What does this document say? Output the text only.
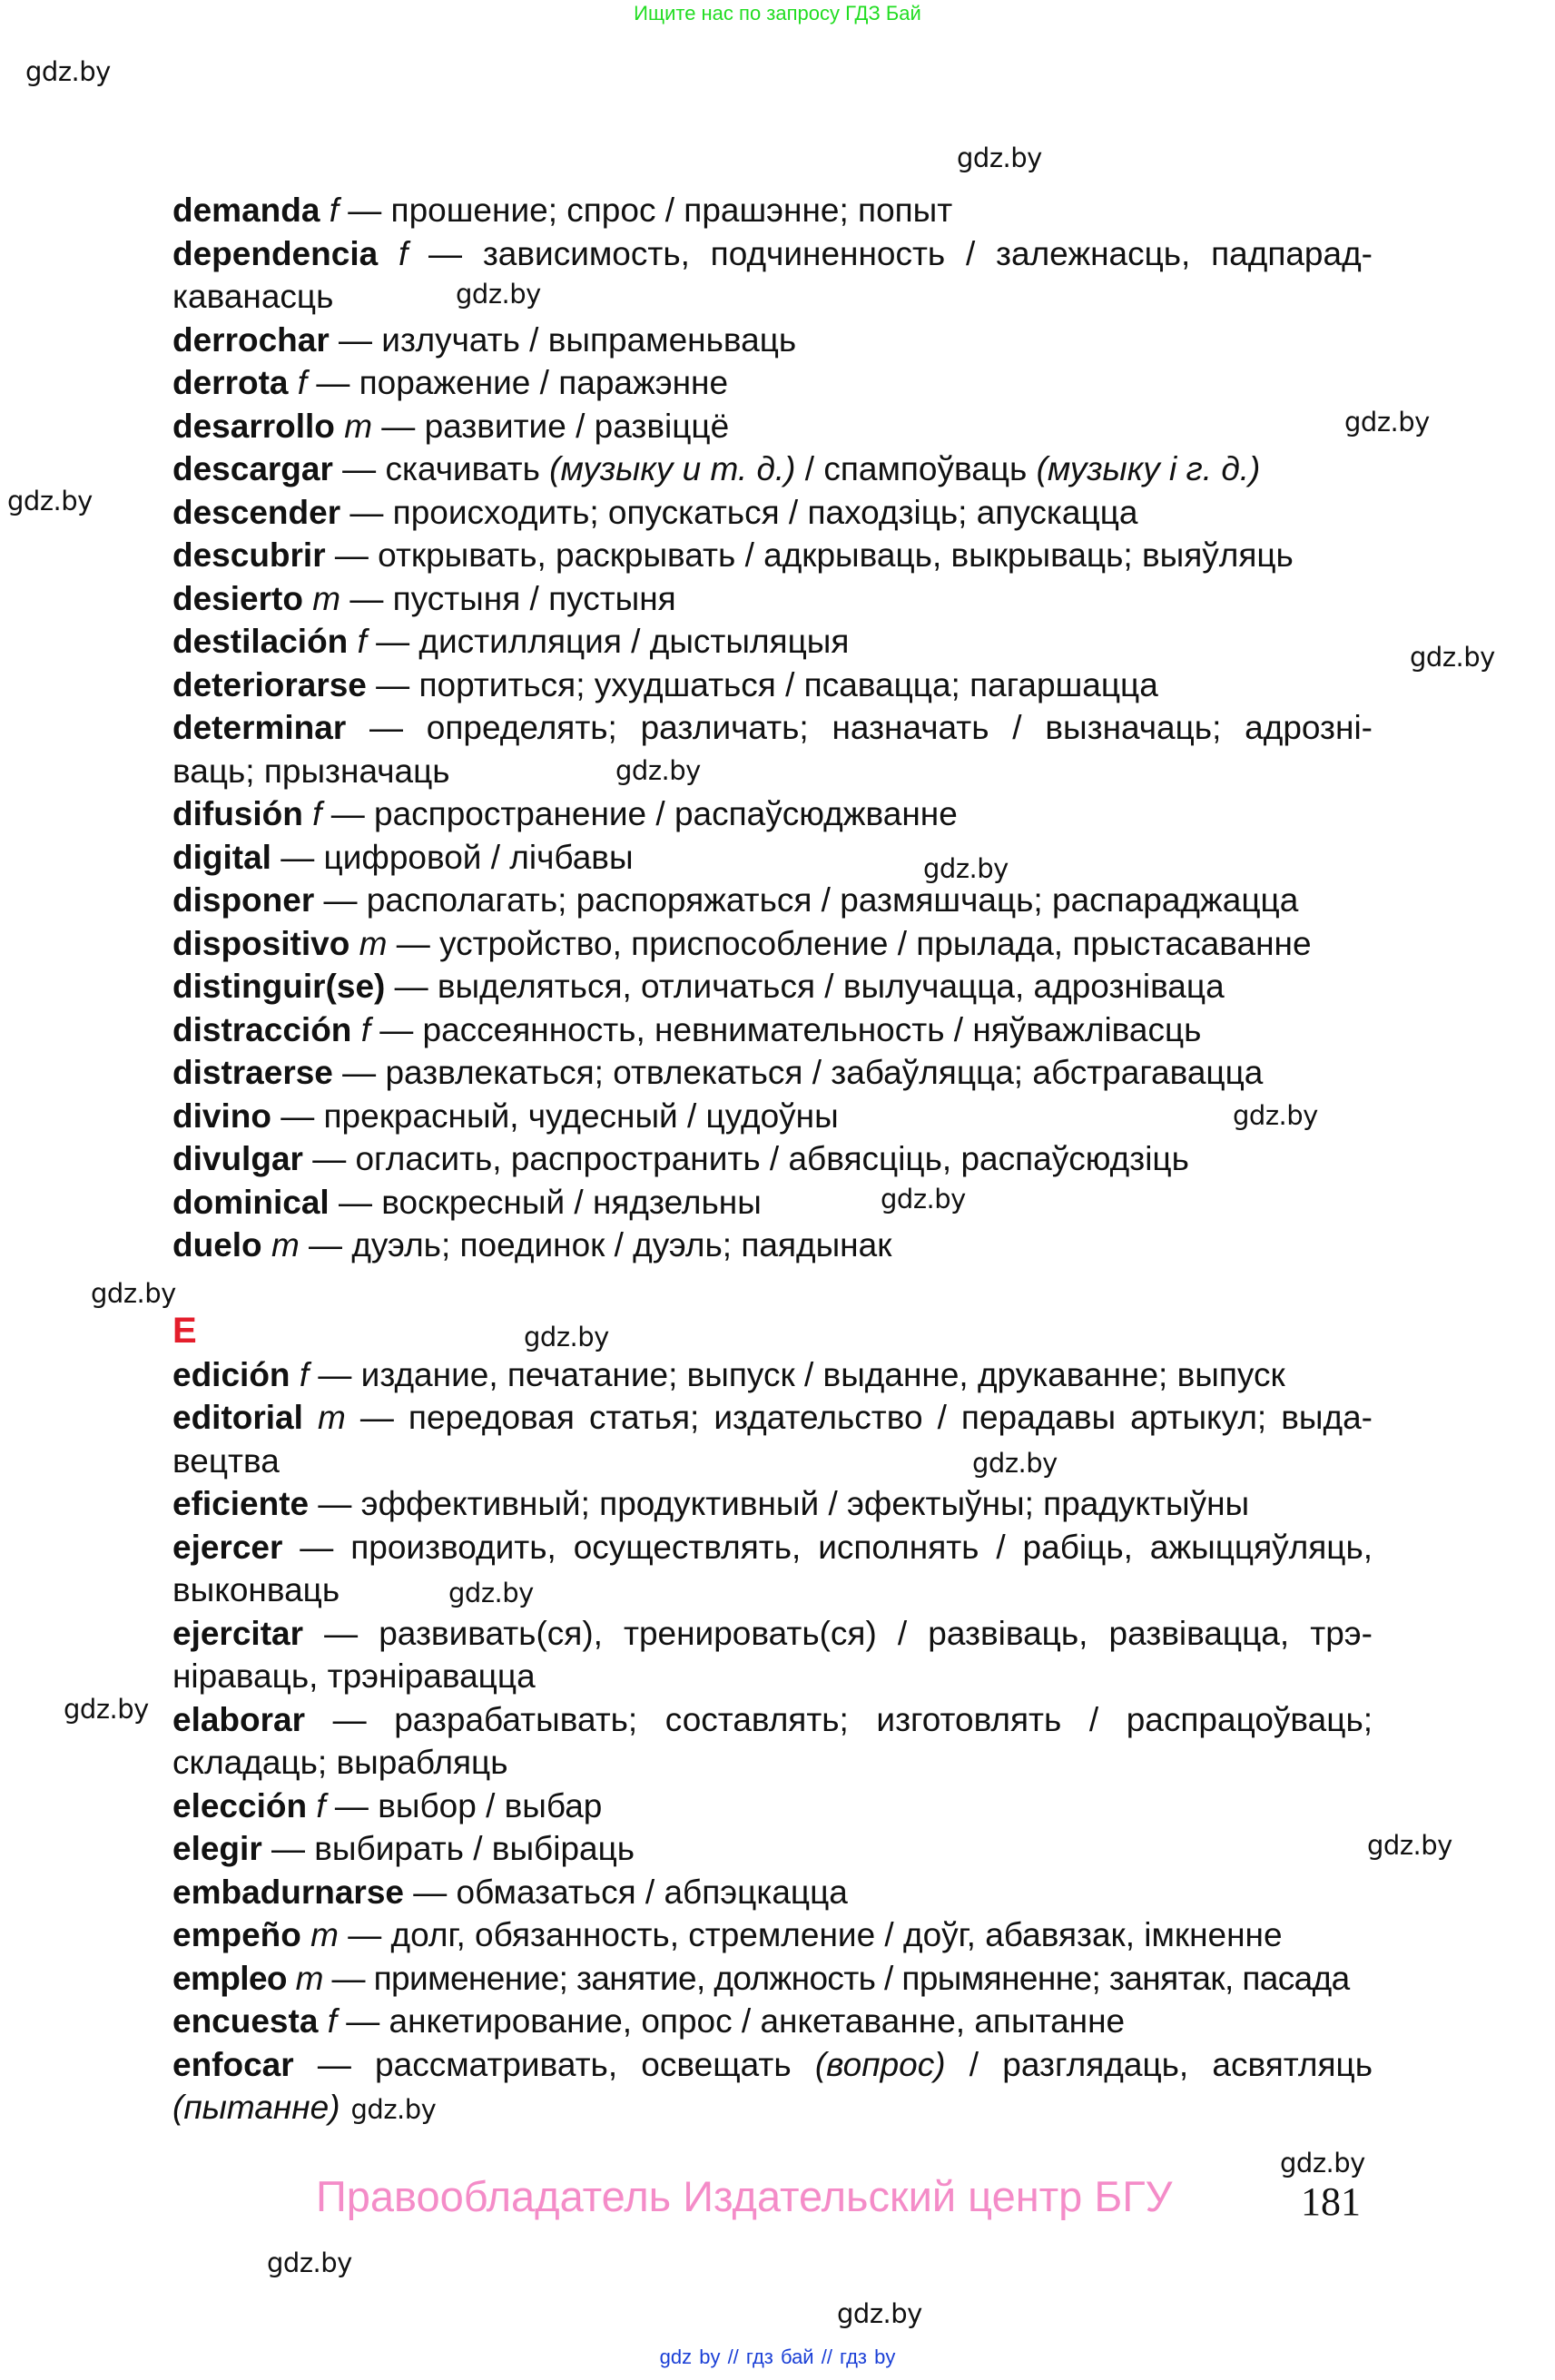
Ищите нас по запросу ГДЗ Бай
gdz.by
gdz.by
gdz.by
gdz.by
gdz.by
gdz.by
gdz.by
gdz.by
gdz.by
gdz.by
gdz.by
gdz.by
gdz.by
gdz.by
gdz.by
gdz.by
gdz.by
gdz.by
gdz.by
demanda f — прошение; спрос / прашэнне; попыт
dependencia f — зависимость, подчиненность / залежнасць, падпарад-
каванасць
derrochar — излучать / выпраменьваць
derrota f — поражение / паражэнне
desarrollo m — развитие / развіццё
descargar — скачивать (музыку и т. д.) / спампоўваць (музыку і г. д.)
descender — происходить; опускаться / паходзіць; апускацца
descubrir — открывать, раскрывать / адкрываць, выкрываць; выяўляць
desierto m — пустыня / пустыня
destilación f — дистилляция / дыстыляцыя
deteriorarse — портиться; ухудшаться / псавацца; пагаршацца
determinar — определять; различать; назначать / вызначаць; адрозні-
ваць; прызначаць
difusión f — распространение / распаўсюджванне
digital — цифровой / лічбавы
disponer — располагать; распоряжаться / размяшчаць; распараджацца
dispositivo m — устройство, приспособление / прылада, прыстасаванне
distinguir(se) — выделяться, отличаться / вылучацца, адрозніваца
distracción f — рассеянность, невнимательность / няўважлівасць
distraerse — развлекаться; отвлекаться / забаўляцца; абстрагавацца
divino — прекрасный, чудесный / цудоўны
divulgar — огласить, распространить / абвясціць, распаўсюдзіць
dominical — воскресный / нядзельны
duelo m — дуэль; поединок / дуэль; паядынак
E
edición f — издание, печатание; выпуск / выданне, друкаванне; выпуск
editorial m — передовая статья; издательство / перадавы артыкул; выда-
вецтва
eficiente — эффективный; продуктивный / эфектыўны; прадуктыўны
ejercer — производить, осуществлять, исполнять / рабіць, ажыццяўляць,
выконваць
ejercitar — развивать(ся), тренировать(ся) / развіваць, развівацца, трэ-
ніраваць, трэніравацца
elaborar — разрабатывать; составлять; изготовлять / распрацоўваць;
складаць; вырабляць
elección f — выбор / выбар
elegir — выбирать / выбіраць
embadurnarse — обмазаться / абпэцкацца
empeño m — долг, обязанность, стремление / доўг, абавязак, імкненне
empleo m — применение; занятие, должность / прымяненне; занятак, пасада
encuesta f — анкетирование, опрос / анкетаванне, апытанне
enfocar — рассматривать, освещать (вопрос) / разглядаць, асвятляць
(пытанне) gdz.by
Правообладатель Издательский центр БГУ	181
gdz by // гдз бай // гдз by
